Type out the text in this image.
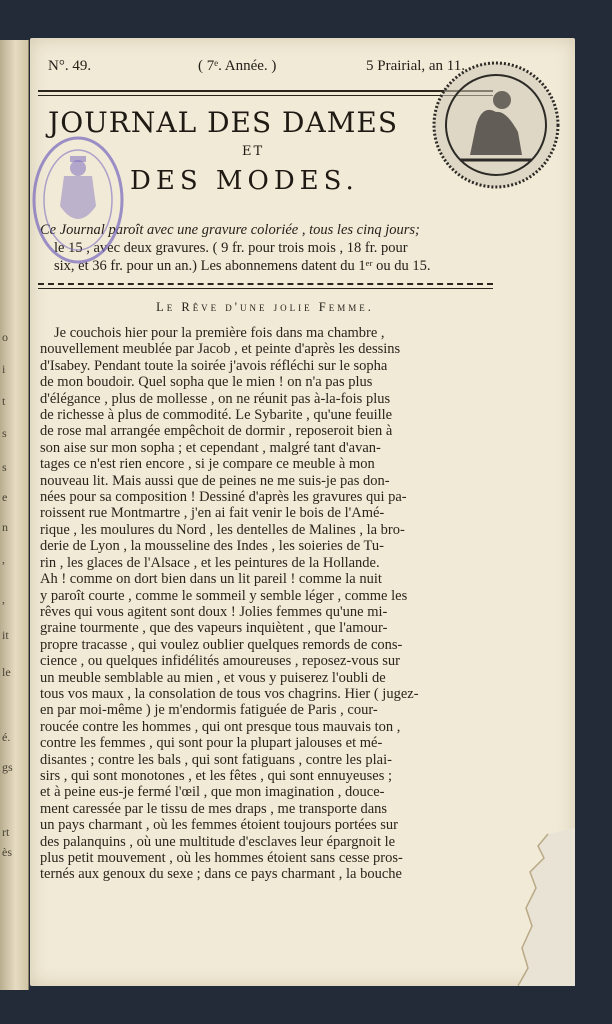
o
i
t
s
s
e
n
,
,
it
le
é.
gs
rt
ès
N°. 49.	( 7ᵉ. Année. )	5 Prairial, an 11.
JOURNAL DES DAMES
ET
DES MODES.

Ce Journal paroît avec une gravure coloriée , tous les cinq jours;

le 15 , avec deux gravures. ( 9 fr. pour trois mois , 18 fr. pour

six, et 36 fr. pour un an.) Les abonnemens datent du 1ᵉʳ ou du 15.

Le Rêve d'une jolie Femme.
Je couchois hier pour la première fois dans ma chambre ,
nouvellement meublée par Jacob , et peinte d'après les dessins
d'Isabey. Pendant toute la soirée j'avois réfléchi sur le sopha
de mon boudoir. Quel sopha que le mien ! on n'a pas plus
d'élégance , plus de mollesse , on ne réunit pas à-la-fois plus
de richesse à plus de commodité. Le Sybarite , qu'une feuille
de rose mal arrangée empêchoit de dormir , reposeroit bien à
son aise sur mon sopha ; et cependant , malgré tant d'avan-
tages ce n'est rien encore , si je compare ce meuble à mon
nouveau lit. Mais aussi que de peines ne me suis-je pas don-
nées pour sa composition ! Dessiné d'après les gravures qui pa-
roissent rue Montmartre , j'en ai fait venir le bois de l'Amé-
rique , les moulures du Nord , les dentelles de Malines , la bro-
derie de Lyon , la mousseline des Indes , les soieries de Tu-
rin , les glaces de l'Alsace , et les peintures de la Hollande.
Ah ! comme on dort bien dans un lit pareil ! comme la nuit
y paroît courte , comme le sommeil y semble léger , comme les
rêves qui vous agitent sont doux ! Jolies femmes qu'une mi-
graine tourmente , que des vapeurs inquiètent , que l'amour-
propre tracasse , qui voulez oublier quelques remords de cons-
cience , ou quelques infidélités amoureuses , reposez-vous sur
un meuble semblable au mien , et vous y puiserez l'oubli de
tous vos maux , la consolation de tous vos chagrins. Hier ( jugez-
en par moi-même ) je m'endormis fatiguée de Paris , cour-
roucée contre les hommes , qui ont presque tous mauvais ton ,
contre les femmes , qui sont pour la plupart jalouses et mé-
disantes ; contre les bals , qui sont fatiguans , contre les plai-
sirs , qui sont monotones , et les fêtes , qui sont ennuyeuses ;
et à peine eus-je fermé l'œil , que mon imagination , douce-
ment caressée par le tissu de mes draps , me transporte dans
un pays charmant , où les femmes étoient toujours portées sur
des palanquins , où une multitude d'esclaves leur épargnoit le
plus petit mouvement , où les hommes étoient sans cesse pros-
ternés aux genoux du sexe ; dans ce pays charmant , la bouche
